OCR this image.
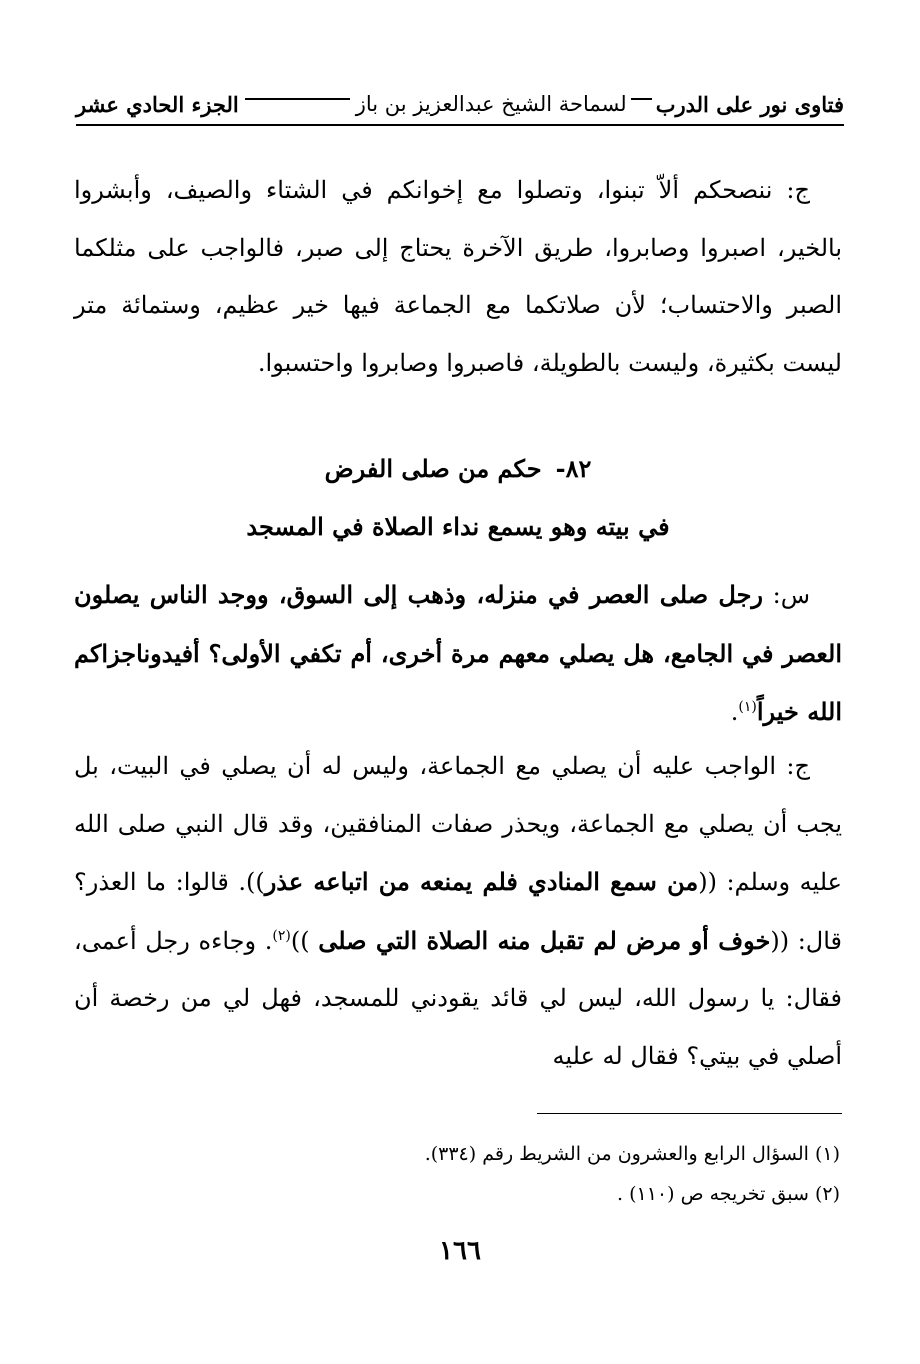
فتاوى نور على الدرب
لسماحة الشيخ عبدالعزيز بن باز
الجزء الحادي عشر

ج: ننصحكم ألاّ تبنوا، وتصلوا مع إخوانكم في الشتاء والصيف، وأبشروا بالخير، اصبروا وصابروا، طريق الآخرة يحتاج إلى صبر، فالواجب على مثلكما الصبر والاحتساب؛ لأن صلاتكما مع الجماعة فيها خير عظيم، وستمائة متر ليست بكثيرة، وليست بالطويلة، فاصبروا وصابروا واحتسبوا.

٨٢-حكم من صلى الفرض
في بيته وهو يسمع نداء الصلاة في المسجد

س: رجل صلى العصر في منزله، وذهب إلى السوق، ووجد الناس يصلون العصر في الجامع، هل يصلي معهم مرة أخرى، أم تكفي الأولى؟ أفيدوناجزاكم الله خيراً$^{(١)}$.

ج: الواجب عليه أن يصلي مع الجماعة، وليس له أن يصلي في البيت، بل يجب أن يصلي مع الجماعة، ويحذر صفات المنافقين، وقد قال النبي صلى الله عليه وسلم: ((من سمع المنادي فلم يمنعه من اتباعه عذر)). قالوا: ما العذر؟ قال: ((خوف أو مرض لم تقبل منه الصلاة التي صلى ))$^{(٢)}$. وجاءه رجل أعمى، فقال: يا رسول الله، ليس لي قائد يقودني للمسجد، فهل لي من رخصة أن أصلي في بيتي؟ فقال له عليه

(١) السؤال الرابع والعشرون من الشريط رقم (٣٣٤).
(٢) سبق تخريجه ص (١١٠) .
١٦٦
